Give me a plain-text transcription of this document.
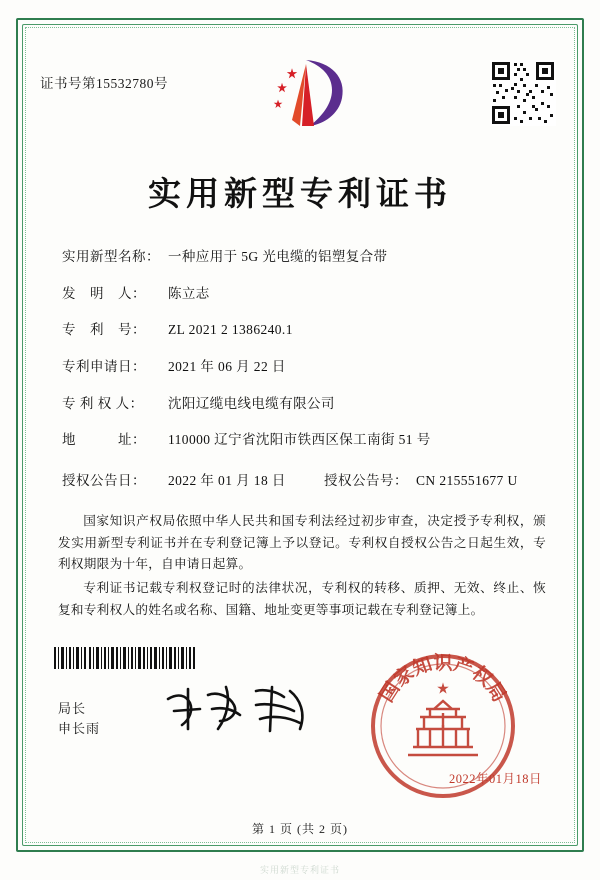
证书号第15532780号
实用新型专利证书
实用新型名称： 一种应用于 5G 光电缆的铝塑复合带
发　明　人：	陈立志
专　利　号：	ZL 2021 2 1386240.1
专利申请日：	2021 年 06 月 22 日
专 利 权 人：	沈阳辽缆电线电缆有限公司
地　　　址：	110000 辽宁省沈阳市铁西区保工南街 51 号
授权公告日：	2022 年 01 月 18 日	授权公告号： CN 215551677 U

国家知识产权局依照中华人民共和国专利法经过初步审查，决定授予专利权，颁发实用新型专利证书并在专利登记簿上予以登记。专利权自授权公告之日起生效，专利权期限为十年，自申请日起算。

专利证书记载专利权登记时的法律状况，专利权的转移、质押、无效、终止、恢复和专利权人的姓名或名称、国籍、地址变更等事项记载在专利登记簿上。

局长
申长雨
国家知识产权局
2022年01月18日
第 1 页 (共 2 页)
实用新型专利证书
